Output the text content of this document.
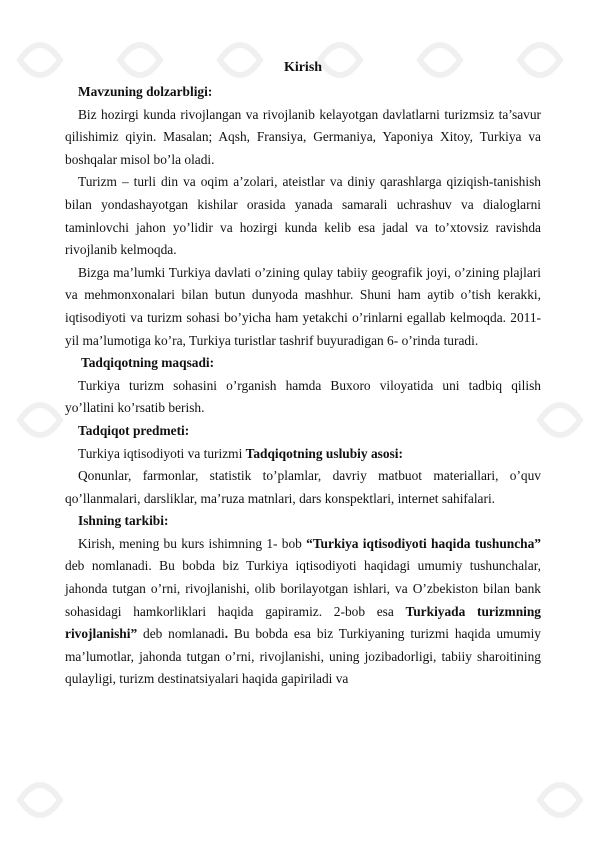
Kirish
Mavzuning dolzarbligi:

Biz hozirgi kunda rivojlangan va rivojlanib kelayotgan davlatlarni turizmsiz ta’savur qilishimiz qiyin. Masalan; Aqsh, Fransiya, Germaniya, Yaponiya Xitoy, Turkiya va boshqalar misol bo’la oladi.

Turizm – turli din va oqim a’zolari, ateistlar va diniy qarashlarga qiziqish-tanishish bilan yondashayotgan kishilar orasida yanada samarali uchrashuv va dialoglarni taminlovchi jahon yo’lidir va hozirgi kunda kelib esa jadal va to’xtovsiz ravishda rivojlanib kelmoqda.

Bizga ma’lumki Turkiya davlati o’zining qulay tabiiy geografik joyi, o’zining plajlari va mehmonxonalari bilan butun dunyoda mashhur. Shuni ham aytib o’tish kerakki, iqtisodiyoti va turizm sohasi bo’yicha ham yetakchi o’rinlarni egallab kelmoqda. 2011-yil ma’lumotiga ko’ra, Turkiya turistlar tashrif buyuradigan 6- o’rinda turadi.

Tadqiqotning maqsadi:

Turkiya turizm sohasini o’rganish hamda Buxoro viloyatida uni tadbiq qilish yo’llatini ko’rsatib berish.

Tadqiqot predmeti:

Turkiya iqtisodiyoti va turizmi Tadqiqotning uslubiy asosi:

Qonunlar, farmonlar, statistik to’plamlar, davriy matbuot materiallari, o’quv qo’llanmalari, darsliklar, ma’ruza matnlari, dars konspektlari, internet sahifalari.

Ishning tarkibi:

Kirish, mening bu kurs ishimning 1- bob “Turkiya iqtisodiyoti haqida tushuncha” deb nomlanadi. Bu bobda biz Turkiya iqtisodiyoti haqidagi umumiy tushunchalar, jahonda tutgan o’rni, rivojlanishi, olib borilayotgan ishlari, va O’zbekiston bilan bank sohasidagi hamkorliklari haqida gapiramiz. 2-bob esa Turkiyada turizmning rivojlanishi” deb nomlanadi. Bu bobda esa biz Turkiyaning turizmi haqida umumiy ma’lumotlar, jahonda tutgan o’rni, rivojlanishi, uning jozibadorligi, tabiiy sharoitining qulayligi, turizm destinatsiyalari haqida gapiriladi va
